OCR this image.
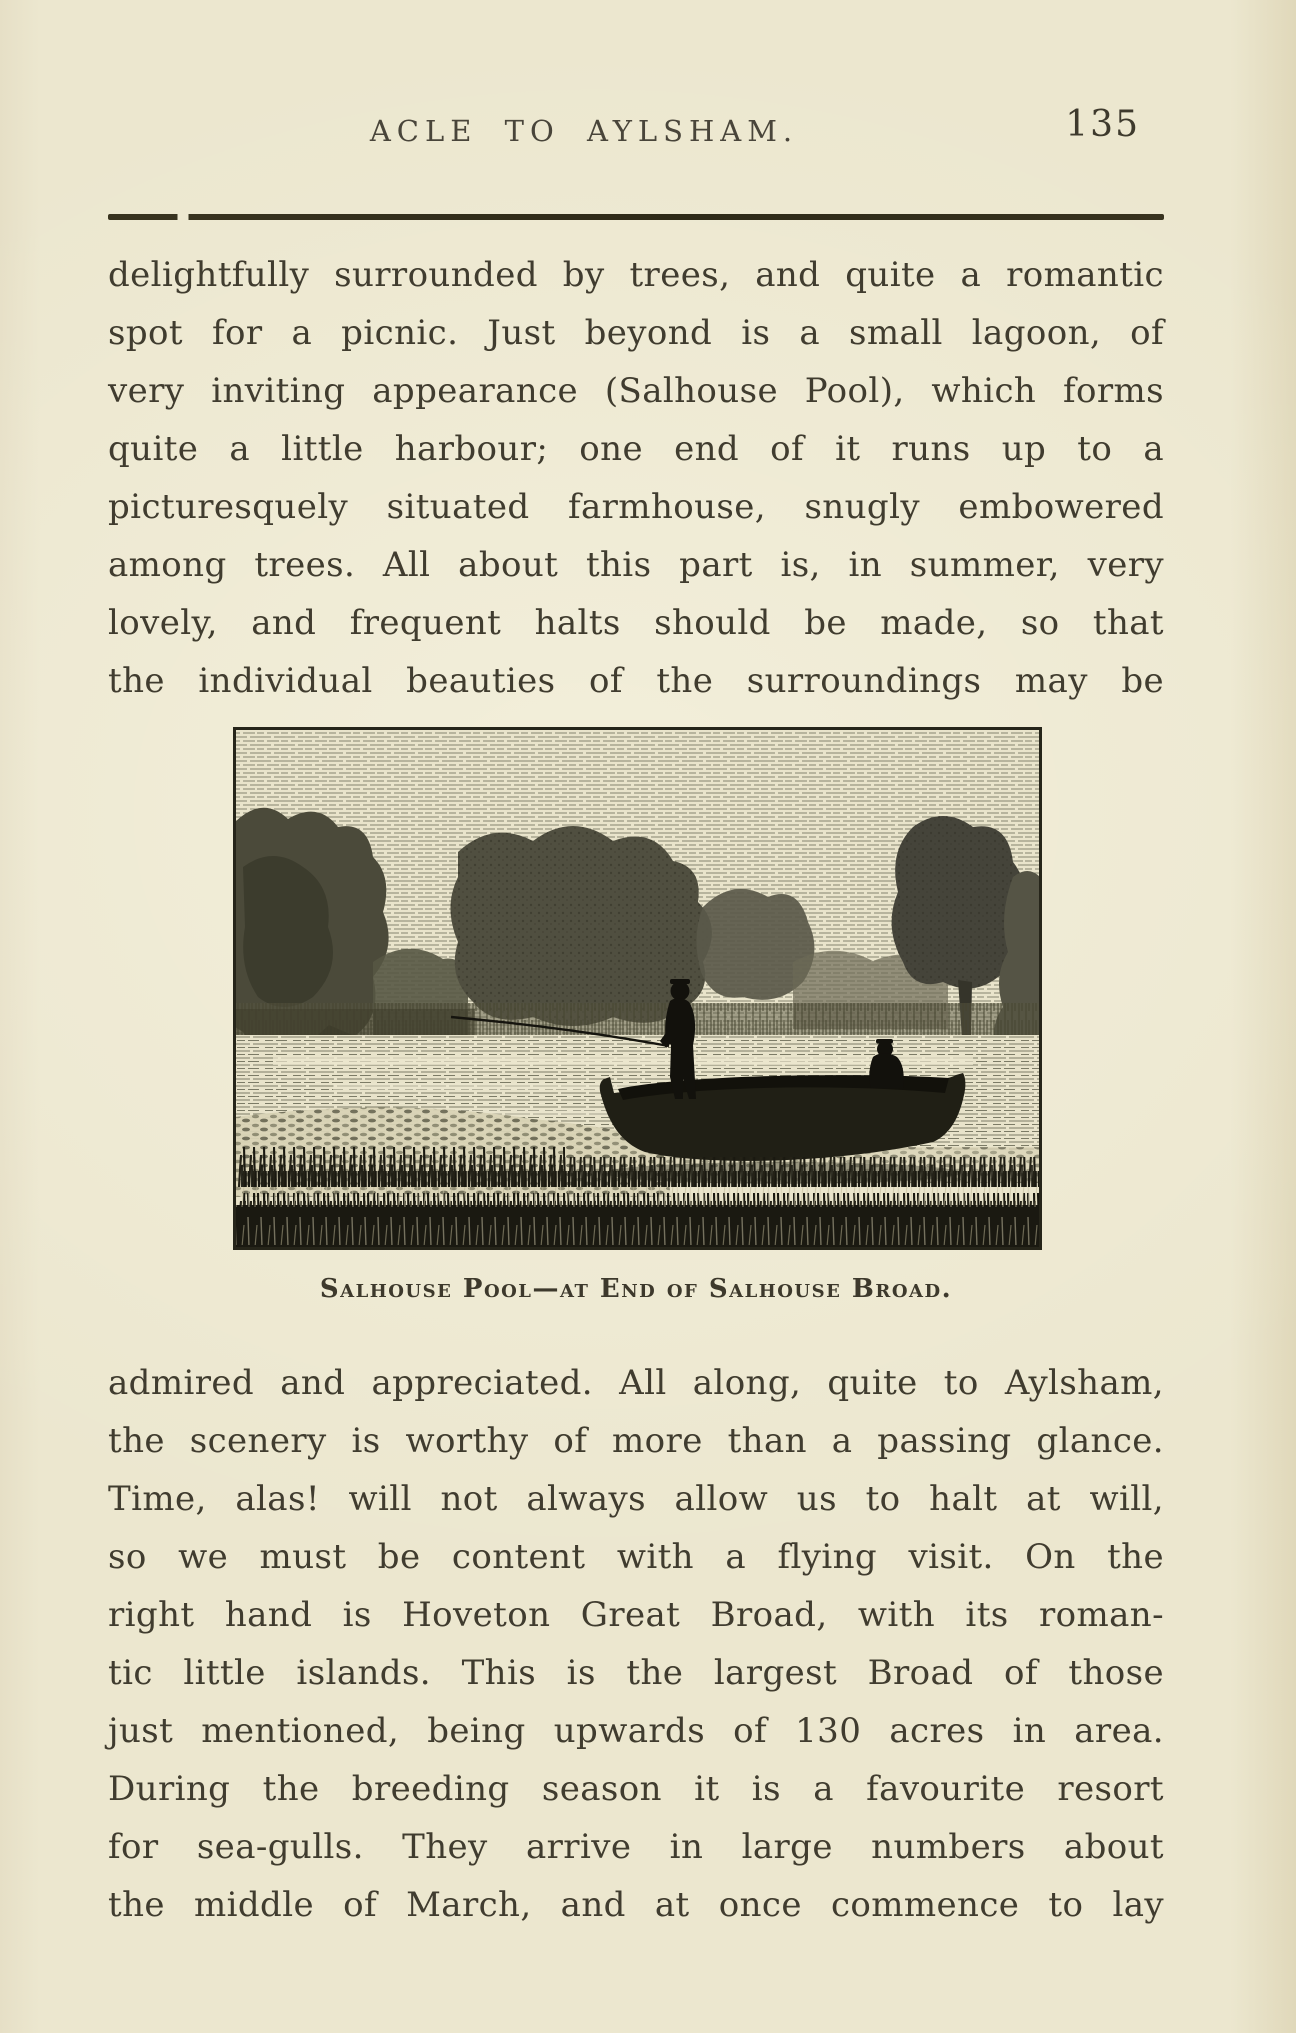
ACLE TO AYLSHAM.	135
delightfully surrounded by trees, and quite a romantic
spot for a picnic. Just beyond is a small lagoon, of
very inviting appearance (Salhouse Pool), which forms
quite a little harbour; one end of it runs up to a
picturesquely situated farmhouse, snugly embowered
among trees. All about this part is, in summer, very
lovely, and frequent halts should be made, so that
the individual beauties of the surroundings may be
Salhouse Pool—at End of Salhouse Broad.
admired and appreciated. All along, quite to Aylsham,
the scenery is worthy of more than a passing glance.
Time, alas! will not always allow us to halt at will,
so we must be content with a flying visit. On the
right hand is Hoveton Great Broad, with its roman-
tic little islands. This is the largest Broad of those
just mentioned, being upwards of 130 acres in area.
During the breeding season it is a favourite resort
for sea-gulls. They arrive in large numbers about
the middle of March, and at once commence to lay
